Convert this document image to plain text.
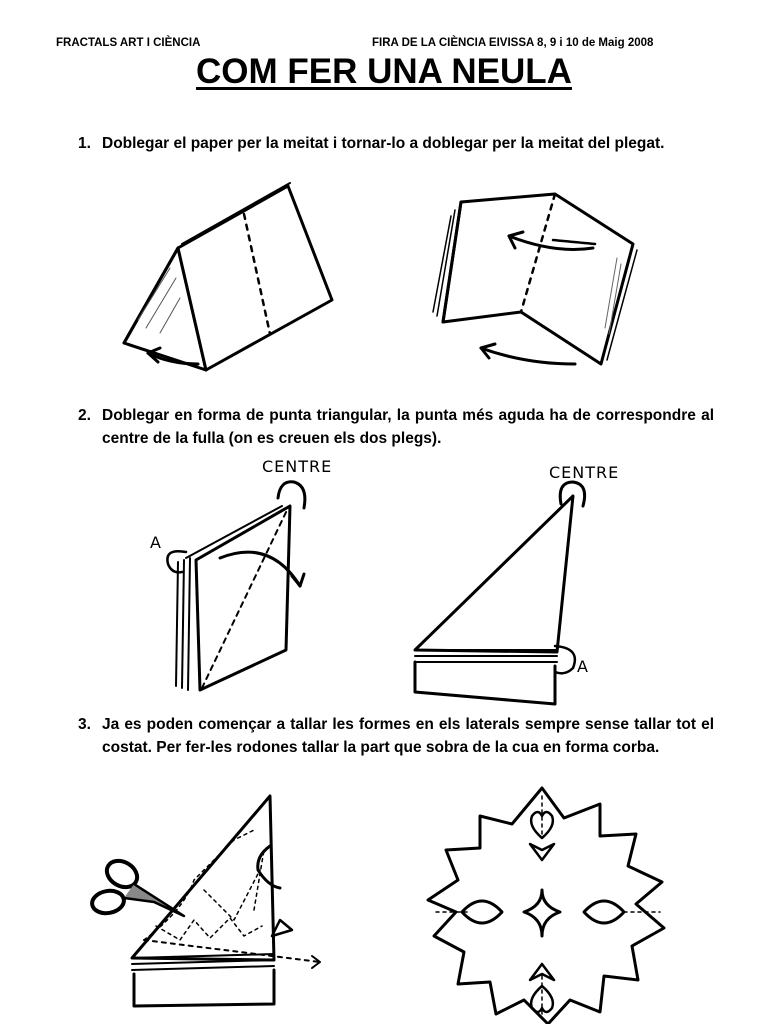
FRACTALS ART I CIÈNCIA	FIRA DE LA CIÈNCIA EIVISSA 8, 9 i 10 de Maig 2008
COM FER UNA NEULA
1. Doblegar el paper per la meitat i tornar-lo a doblegar per la meitat del plegat.
2. Doblegar en forma de punta triangular, la punta més aguda ha de correspondre al centre de la fulla (on es creuen els dos plegs).
CENTRE
A
CENTRE
A
3. Ja es poden començar a tallar les formes en els laterals sempre sense tallar tot el costat. Per fer-les rodones tallar la part que sobra de la cua en forma corba.
